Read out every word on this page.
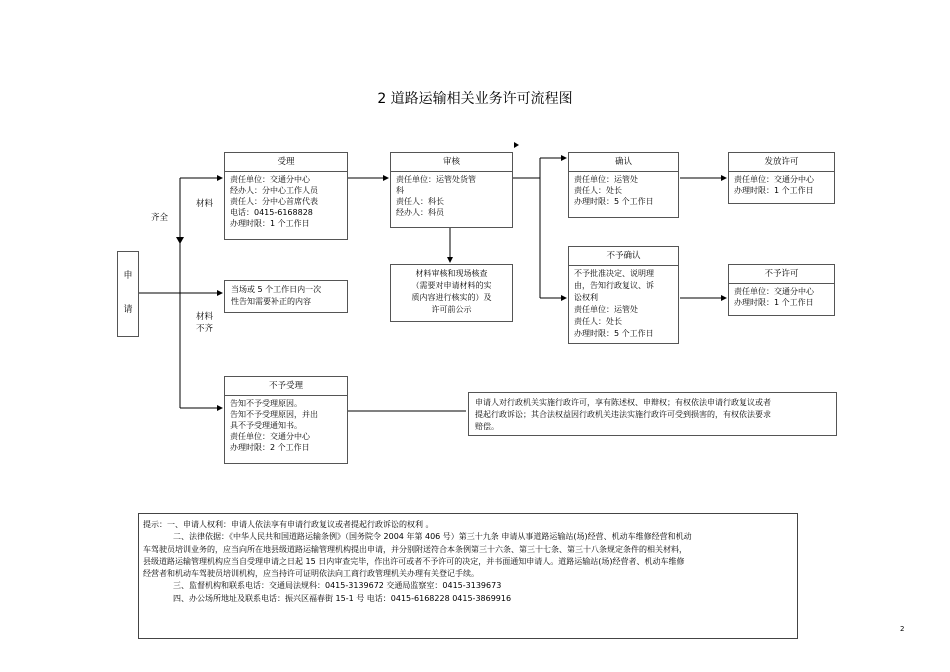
2 道路运输相关业务许可流程图
申
请
齐全
材料
材料
不齐
受理
责任单位：交通分中心
经办人：分中心工作人员
责任人：分中心首席代表
电话：0415-6168828
办理时限：1 个工作日
审核
责任单位：运管处货管
科
责任人：科长
经办人：科员
材料审核和现场核查
（需要对申请材料的实
质内容进行核实的）及
许可前公示
当场或 5 个工作日内一次
性告知需要补正的内容
确认
责任单位：运管处
责任人：处长
办理时限：5 个工作日
发放许可
责任单位：交通分中心
办理时限：1 个工作日
不予确认
不予批准决定、说明理
由，告知行政复议、诉
讼权利
责任单位：运管处
责任人：处长
办理时限：5 个工作日
不予许可
责任单位：交通分中心
办理时限：1 个工作日
不予受理
告知不予受理原因。
告知不予受理原因，并出
具不予受理通知书。
责任单位：交通分中心
办理时限：2 个工作日
申请人对行政机关实施行政许可，享有陈述权、申辩权；有权依法申请行政复议或者
提起行政诉讼；其合法权益因行政机关违法实施行政许可受到损害的，有权依法要求
赔偿。
提示：一、申请人权利：申请人依法享有申请行政复议或者提起行政诉讼的权利 。
二、法律依据：《中华人民共和国道路运输条例》（国务院令 2004 年第 406 号）第三十九条 申请从事道路运输站(场)经营、机动车维修经营和机动
车驾驶员培训业务的，应当向所在地县级道路运输管理机构提出申请，并分别附送符合本条例第三十六条、第三十七条、第三十八条规定条件的相关材料，
县级道路运输管理机构应当自受理申请之日起 15 日内审查完毕，作出许可或者不予许可的决定，并书面通知申请人。道路运输站(场)经营者、机动车维修
经营者和机动车驾驶员培训机构，应当持许可证明依法向工商行政管理机关办理有关登记手续。
三、监督机构和联系电话：交通局法规科：0415-3139672 交通局监察室：0415-3139673
四、办公场所地址及联系电话：振兴区福春街 15-1 号 电话：0415-6168228 0415-3869916
2
